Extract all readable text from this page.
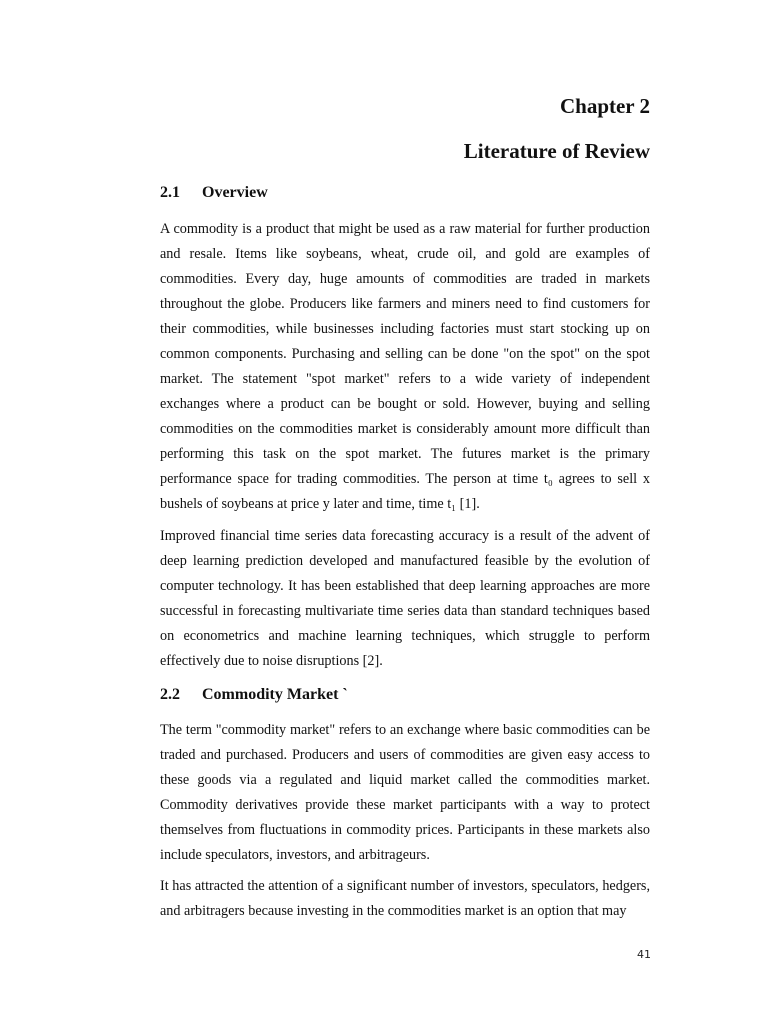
Chapter 2
Literature of Review
2.1 Overview

A commodity is a product that might be used as a raw material for further production and resale. Items like soybeans, wheat, crude oil, and gold are examples of commodities. Every day, huge amounts of commodities are traded in markets throughout the globe. Producers like farmers and miners need to find customers for their commodities, while businesses including factories must start stocking up on common components. Purchasing and selling can be done "on the spot" on the spot market. The statement "spot market" refers to a wide variety of independent exchanges where a product can be bought or sold. However, buying and selling commodities on the commodities market is considerably amount more difficult than performing this task on the spot market. The futures market is the primary performance space for trading commodities. The person at time t₀ agrees to sell x bushels of soybeans at price y later and time, time t₁ [1].

Improved financial time series data forecasting accuracy is a result of the advent of deep learning prediction developed and manufactured feasible by the evolution of computer technology. It has been established that deep learning approaches are more successful in forecasting multivariate time series data than standard techniques based on econometrics and machine learning techniques, which struggle to perform effectively due to noise disruptions [2].

2.2 Commodity Market `

The term "commodity market" refers to an exchange where basic commodities can be traded and purchased. Producers and users of commodities are given easy access to these goods via a regulated and liquid market called the commodities market. Commodity derivatives provide these market participants with a way to protect themselves from fluctuations in commodity prices. Participants in these markets also include speculators, investors, and arbitrageurs.

It has attracted the attention of a significant number of investors, speculators, hedgers, and arbitragers because investing in the commodities market is an option that may

41
